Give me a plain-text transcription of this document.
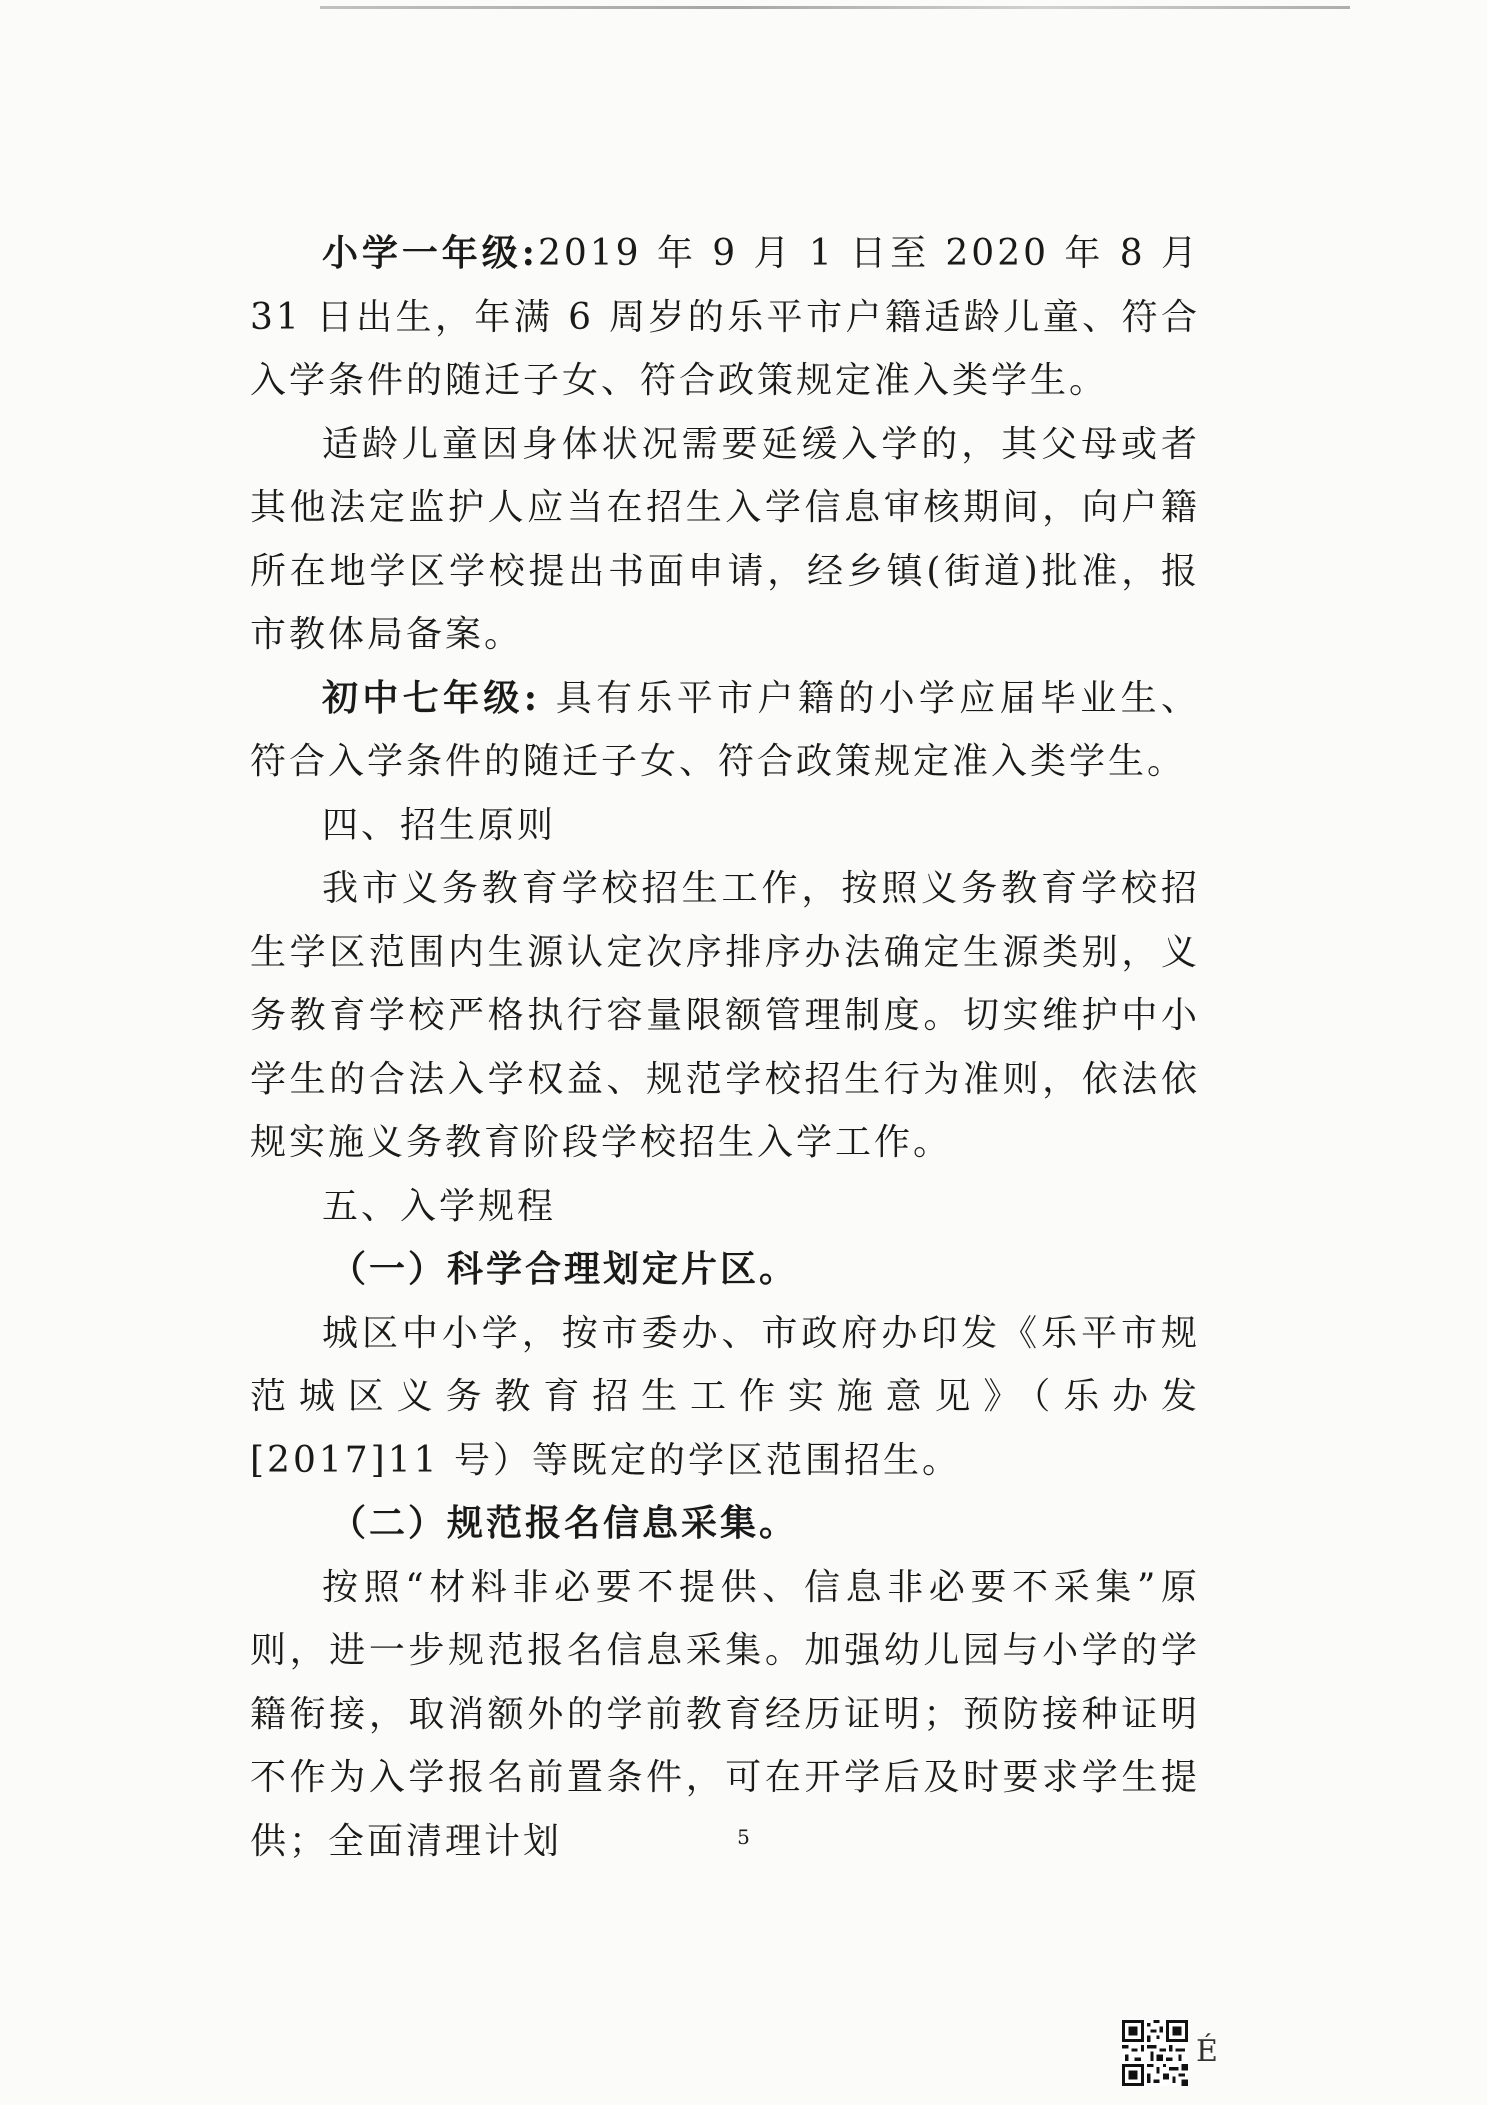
小学一年级:2019 年 9 月 1 日至 2020 年 8 月 31 日出生，年满 6 周岁的乐平市户籍适龄儿童、符合入学条件的随迁子女、符合政策规定准入类学生。

适龄儿童因身体状况需要延缓入学的，其父母或者其他法定监护人应当在招生入学信息审核期间，向户籍所在地学区学校提出书面申请，经乡镇(街道)批准，报市教体局备案。

初中七年级: 具有乐平市户籍的小学应届毕业生、符合入学条件的随迁子女、符合政策规定准入类学生。

四、招生原则

我市义务教育学校招生工作，按照义务教育学校招生学区范围内生源认定次序排序办法确定生源类别，义务教育学校严格执行容量限额管理制度。切实维护中小学生的合法入学权益、规范学校招生行为准则，依法依规实施义务教育阶段学校招生入学工作。

五、入学规程

（一）科学合理划定片区。

城区中小学，按市委办、市政府办印发《乐平市规范城区义务教育招生工作实施意见》（乐办发[2017]11 号）等既定的学区范围招生。

（二）规范报名信息采集。

按照“材料非必要不提供、信息非必要不采集”原则，进一步规范报名信息采集。加强幼儿园与小学的学籍衔接，取消额外的学前教育经历证明；预防接种证明不作为入学报名前置条件，可在开学后及时要求学生提供；全面清理计划	5
É
